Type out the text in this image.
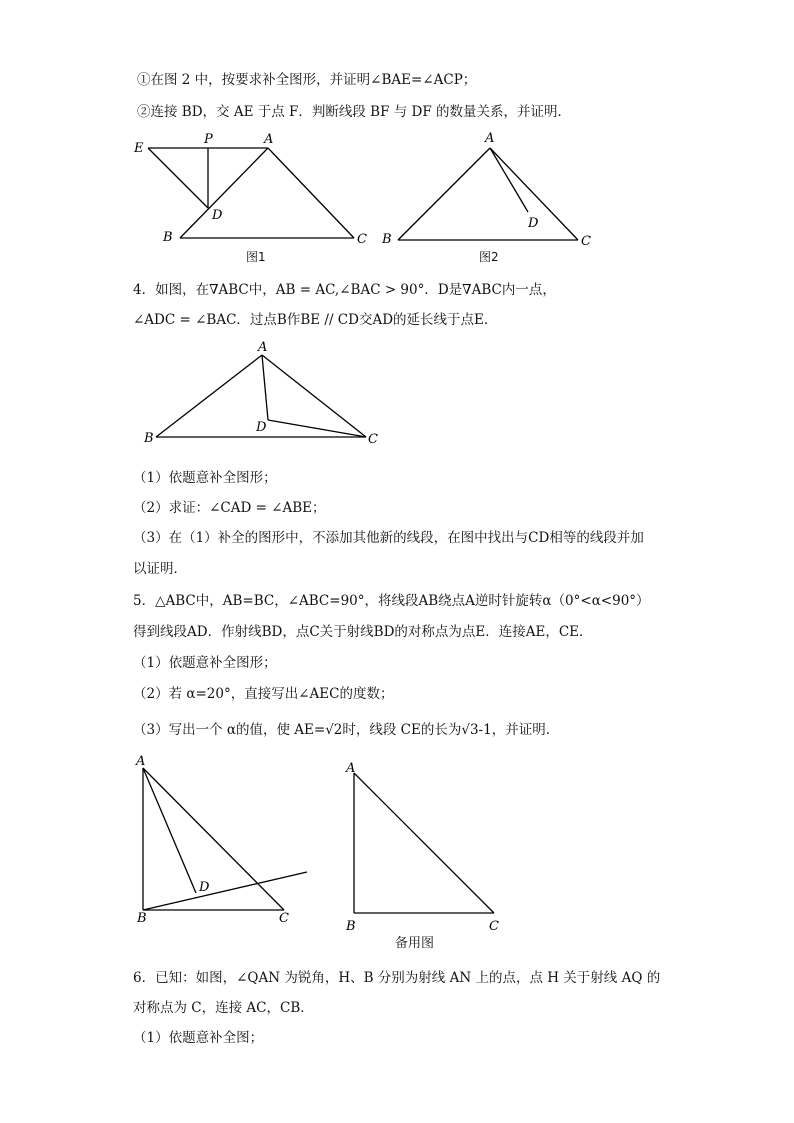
①在图 2 中，按要求补全图形，并证明∠BAE=∠ACP；
②连接 BD，交 AE 于点 F．判断线段 BF 与 DF 的数量关系，并证明．
E
P	A
D
B	C
A
D
B	C
图1	图2
4．如图，在∇ABC中，AB = AC,∠BAC > 90°．D是∇ABC内一点，
∠ADC = ∠BAC．过点B作BE // CD交AD的延长线于点E．
A
B	C
D
（1）依题意补全图形；
（2）求证：∠CAD = ∠ABE；
（3）在（1）补全的图形中，不添加其他新的线段，在图中找出与CD相等的线段并加
以证明．
5．△ABC中，AB=BC，∠ABC=90°，将线段AB绕点A逆时针旋转α（0°<α<90°）
得到线段AD．作射线BD，点C关于射线BD的对称点为点E．连接AE，CE．
（1）依题意补全图形；
（2）若 α=20°，直接写出∠AEC的度数；
（3）写出一个 α的值，使 AE=√2时，线段 CE的长为√3-1，并证明．
A
B	C
D
A
B	C
备用图
6．已知：如图，∠QAN 为锐角，H、B 分别为射线 AN 上的点，点 H 关于射线 AQ 的
对称点为 C，连接 AC，CB．
（1）依题意补全图；
